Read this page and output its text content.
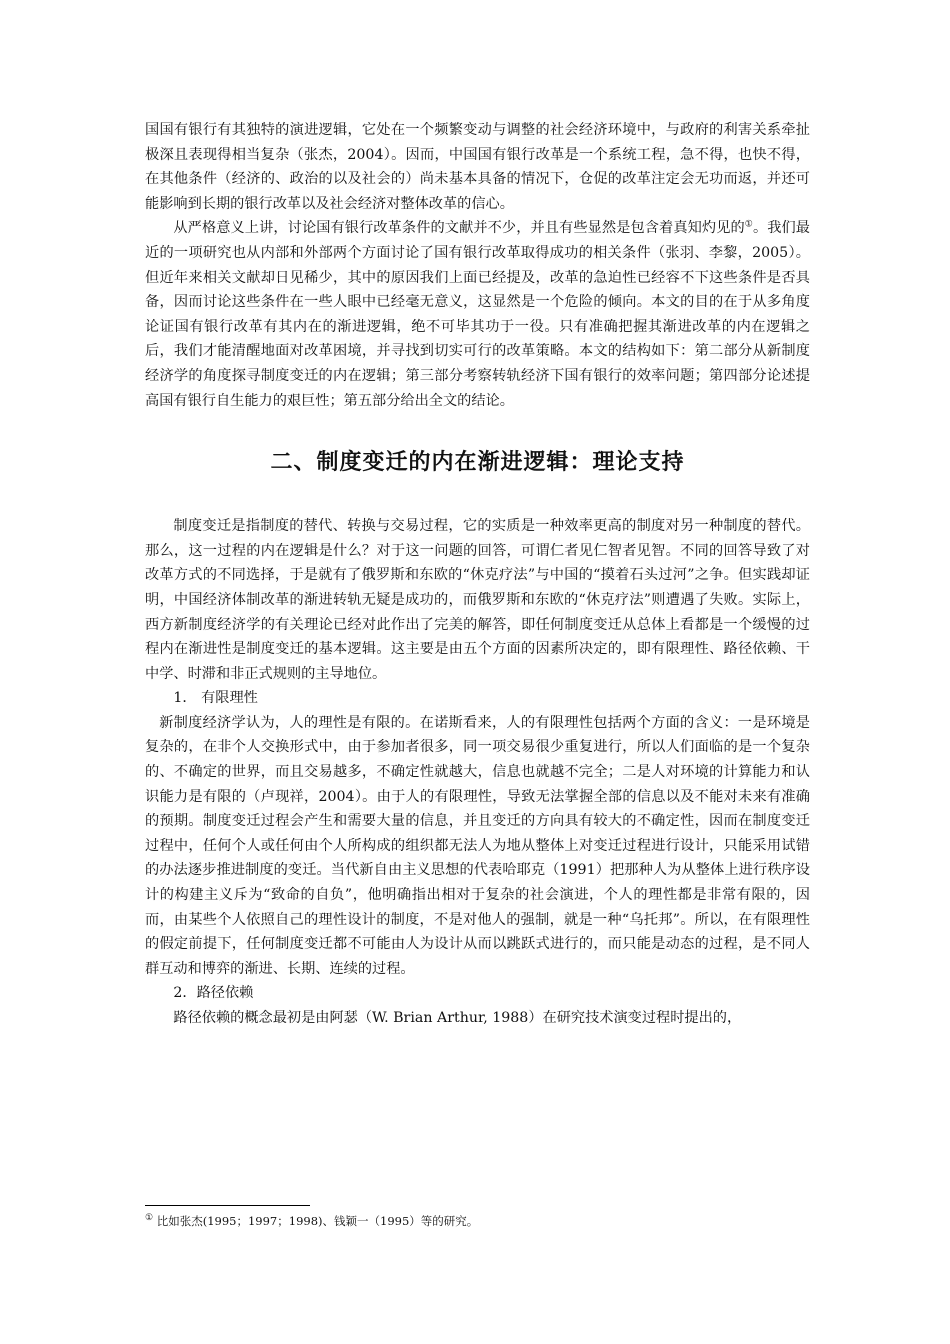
国国有银行有其独特的演进逻辑，它处在一个频繁变动与调整的社会经济环境中，与政府的利害关系牵扯极深且表现得相当复杂（张杰，2004）。因而，中国国有银行改革是一个系统工程，急不得，也快不得，在其他条件（经济的、政治的以及社会的）尚未基本具备的情况下，仓促的改革注定会无功而返，并还可能影响到长期的银行改革以及社会经济对整体改革的信心。

从严格意义上讲，讨论国有银行改革条件的文献并不少，并且有些显然是包含着真知灼见的①。我们最近的一项研究也从内部和外部两个方面讨论了国有银行改革取得成功的相关条件（张羽、李黎，2005）。但近年来相关文献却日见稀少，其中的原因我们上面已经提及，改革的急迫性已经容不下这些条件是否具备，因而讨论这些条件在一些人眼中已经毫无意义，这显然是一个危险的倾向。本文的目的在于从多角度论证国有银行改革有其内在的渐进逻辑，绝不可毕其功于一役。只有准确把握其渐进改革的内在逻辑之后，我们才能清醒地面对改革困境，并寻找到切实可行的改革策略。本文的结构如下：第二部分从新制度经济学的角度探寻制度变迁的内在逻辑；第三部分考察转轨经济下国有银行的效率问题；第四部分论述提高国有银行自生能力的艰巨性；第五部分给出全文的结论。

二、制度变迁的内在渐进逻辑：理论支持

制度变迁是指制度的替代、转换与交易过程，它的实质是一种效率更高的制度对另一种制度的替代。那么，这一过程的内在逻辑是什么？对于这一问题的回答，可谓仁者见仁智者见智。不同的回答导致了对改革方式的不同选择，于是就有了俄罗斯和东欧的“休克疗法”与中国的“摸着石头过河”之争。但实践却证明，中国经济体制改革的渐进转轨无疑是成功的，而俄罗斯和东欧的“休克疗法”则遭遇了失败。实际上，西方新制度经济学的有关理论已经对此作出了完美的解答，即任何制度变迁从总体上看都是一个缓慢的过程内在渐进性是制度变迁的基本逻辑。这主要是由五个方面的因素所决定的，即有限理性、路径依赖、干中学、时滞和非正式规则的主导地位。

1． 有限理性

新制度经济学认为，人的理性是有限的。在诺斯看来，人的有限理性包括两个方面的含义：一是环境是复杂的，在非个人交换形式中，由于参加者很多，同一项交易很少重复进行，所以人们面临的是一个复杂的、不确定的世界，而且交易越多，不确定性就越大，信息也就越不完全；二是人对环境的计算能力和认识能力是有限的（卢现祥，2004）。由于人的有限理性，导致无法掌握全部的信息以及不能对未来有准确的预期。制度变迁过程会产生和需要大量的信息，并且变迁的方向具有较大的不确定性，因而在制度变迁过程中，任何个人或任何由个人所构成的组织都无法人为地从整体上对变迁过程进行设计，只能采用试错的办法逐步推进制度的变迁。当代新自由主义思想的代表哈耶克（1991）把那种人为从整体上进行秩序设计的构建主义斥为“致命的自负”，他明确指出相对于复杂的社会演进，个人的理性都是非常有限的，因而，由某些个人依照自己的理性设计的制度，不是对他人的强制，就是一种“乌托邦”。所以，在有限理性的假定前提下，任何制度变迁都不可能由人为设计从而以跳跃式进行的，而只能是动态的过程，是不同人群互动和博弈的渐进、长期、连续的过程。

2．路径依赖

路径依赖的概念最初是由阿瑟（W. Brian Arthur, 1988）在研究技术演变过程时提出的，

① 比如张杰(1995；1997；1998)、钱颖一（1995）等的研究。
